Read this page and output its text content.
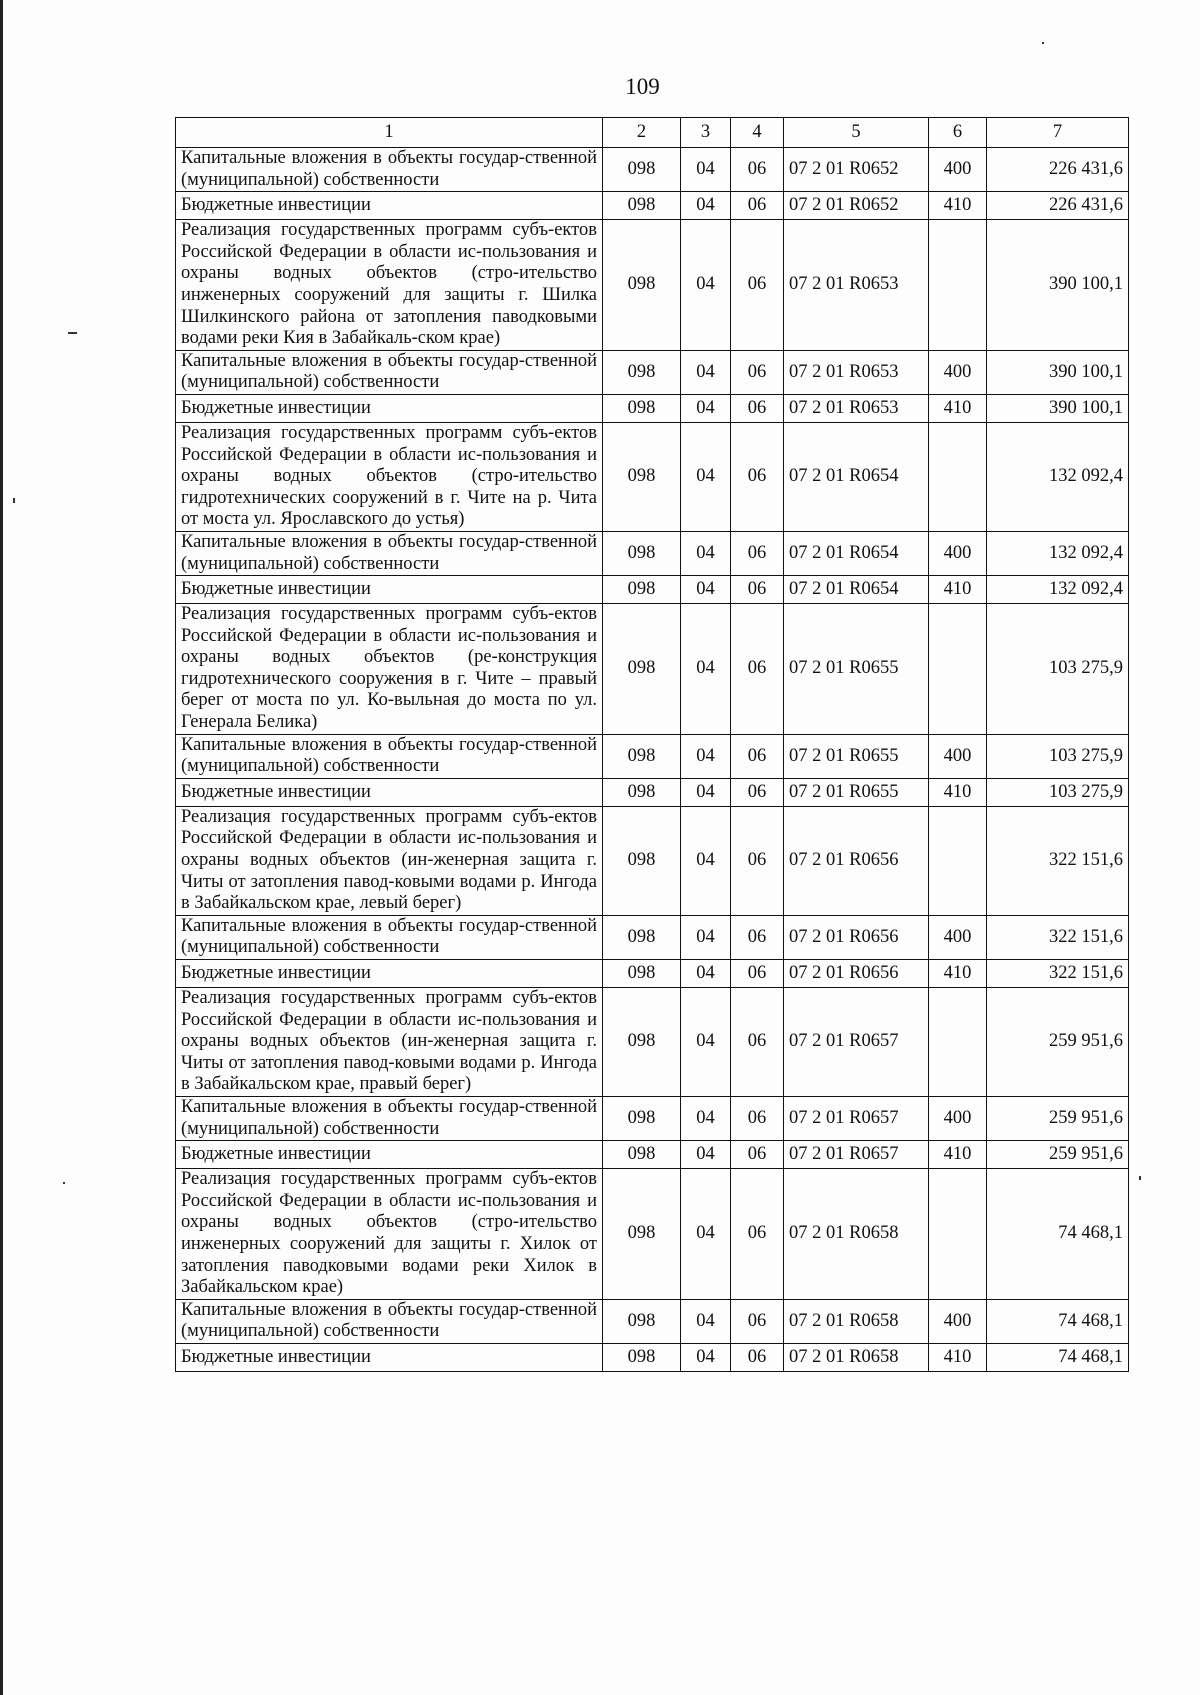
109
1	2	3	4	5	6	7
Капитальные вложения в объекты государ-ственной (муниципальной) собственности	098	04	06	07 2 01 R0652	400	226 431,6
Бюджетные инвестиции	098	04	06	07 2 01 R0652	410	226 431,6
Реализация государственных программ субъ-ектов Российской Федерации в области ис-пользования и охраны водных объектов (стро-ительство инженерных сооружений для защиты г. Шилка Шилкинского района от затопления паводковыми водами реки Кия в Забайкаль-ском крае)	098	04	06	07 2 01 R0653		390 100,1
Капитальные вложения в объекты государ-ственной (муниципальной) собственности	098	04	06	07 2 01 R0653	400	390 100,1
Бюджетные инвестиции	098	04	06	07 2 01 R0653	410	390 100,1
Реализация государственных программ субъ-ектов Российской Федерации в области ис-пользования и охраны водных объектов (стро-ительство гидротехнических сооружений в г. Чите на р. Чита от моста ул. Ярославского до устья)	098	04	06	07 2 01 R0654		132 092,4
Капитальные вложения в объекты государ-ственной (муниципальной) собственности	098	04	06	07 2 01 R0654	400	132 092,4
Бюджетные инвестиции	098	04	06	07 2 01 R0654	410	132 092,4
Реализация государственных программ субъ-ектов Российской Федерации в области ис-пользования и охраны водных объектов (ре-конструкция гидротехнического сооружения в г. Чите – правый берег от моста по ул. Ко-выльная до моста по ул. Генерала Белика)	098	04	06	07 2 01 R0655		103 275,9
Капитальные вложения в объекты государ-ственной (муниципальной) собственности	098	04	06	07 2 01 R0655	400	103 275,9
Бюджетные инвестиции	098	04	06	07 2 01 R0655	410	103 275,9
Реализация государственных программ субъ-ектов Российской Федерации в области ис-пользования и охраны водных объектов (ин-женерная защита г. Читы от затопления павод-ковыми водами р. Ингода в Забайкальском крае, левый берег)	098	04	06	07 2 01 R0656		322 151,6
Капитальные вложения в объекты государ-ственной (муниципальной) собственности	098	04	06	07 2 01 R0656	400	322 151,6
Бюджетные инвестиции	098	04	06	07 2 01 R0656	410	322 151,6
Реализация государственных программ субъ-ектов Российской Федерации в области ис-пользования и охраны водных объектов (ин-женерная защита г. Читы от затопления павод-ковыми водами р. Ингода в Забайкальском крае, правый берег)	098	04	06	07 2 01 R0657		259 951,6
Капитальные вложения в объекты государ-ственной (муниципальной) собственности	098	04	06	07 2 01 R0657	400	259 951,6
Бюджетные инвестиции	098	04	06	07 2 01 R0657	410	259 951,6
Реализация государственных программ субъ-ектов Российской Федерации в области ис-пользования и охраны водных объектов (стро-ительство инженерных сооружений для защиты г. Хилок от затопления паводковыми водами реки Хилок в Забайкальском крае)	098	04	06	07 2 01 R0658		74 468,1
Капитальные вложения в объекты государ-ственной (муниципальной) собственности	098	04	06	07 2 01 R0658	400	74 468,1
Бюджетные инвестиции	098	04	06	07 2 01 R0658	410	74 468,1
